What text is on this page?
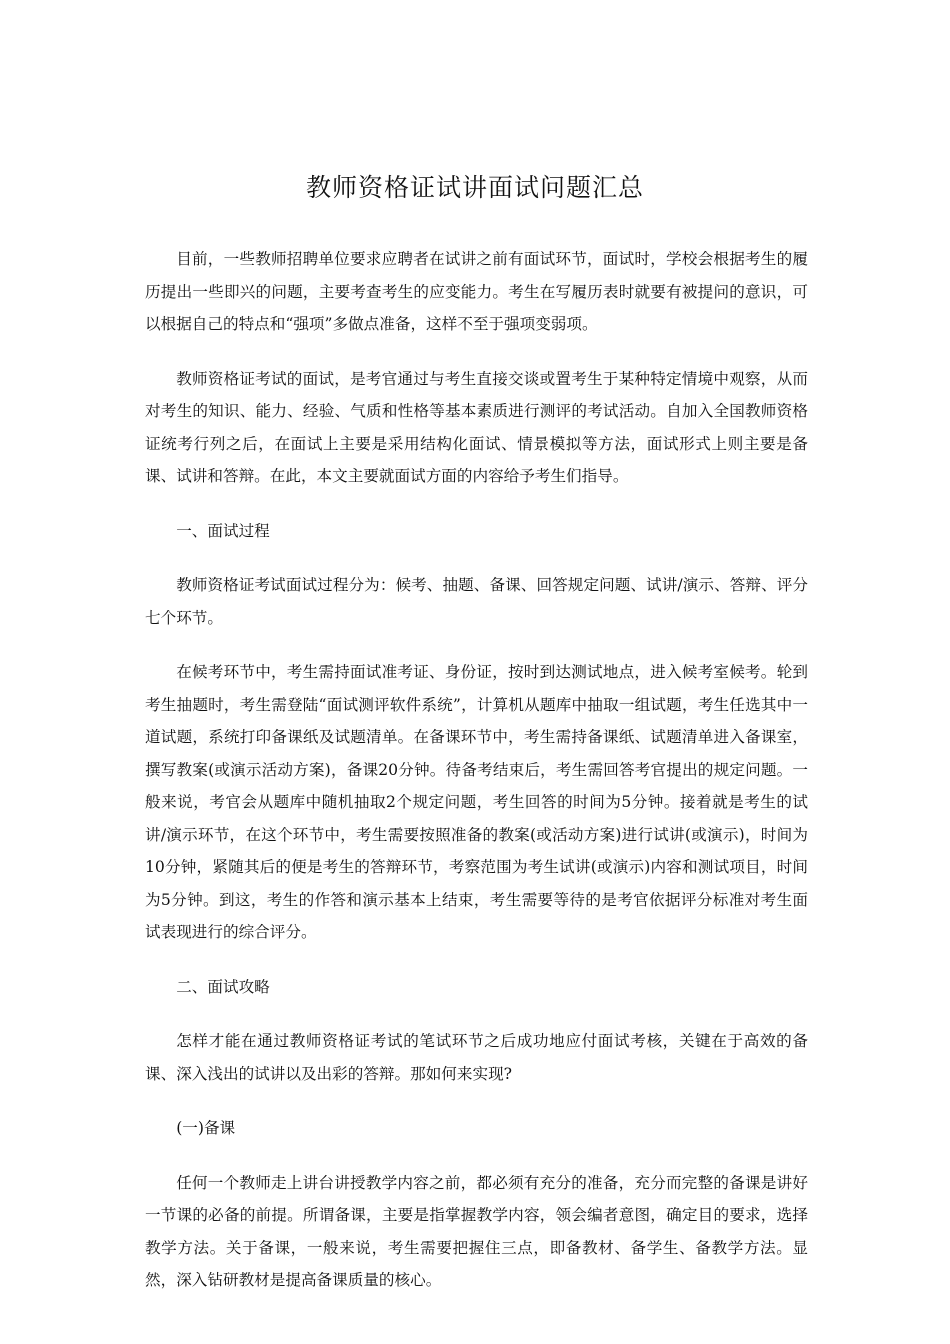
教师资格证试讲面试问题汇总

目前，一些教师招聘单位要求应聘者在试讲之前有面试环节，面试时，学校会根据考生的履历提出一些即兴的问题，主要考查考生的应变能力。考生在写履历表时就要有被提问的意识，可以根据自己的特点和“强项”多做点准备，这样不至于强项变弱项。

教师资格证考试的面试，是考官通过与考生直接交谈或置考生于某种特定情境中观察，从而对考生的知识、能力、经验、气质和性格等基本素质进行测评的考试活动。自加入全国教师资格证统考行列之后，在面试上主要是采用结构化面试、情景模拟等方法，面试形式上则主要是备课、试讲和答辩。在此，本文主要就面试方面的内容给予考生们指导。

一、面试过程

教师资格证考试面试过程分为：候考、抽题、备课、回答规定问题、试讲/演示、答辩、评分七个环节。

在候考环节中，考生需持面试准考证、身份证，按时到达测试地点，进入候考室候考。轮到考生抽题时，考生需登陆“面试测评软件系统”，计算机从题库中抽取一组试题，考生任选其中一道试题，系统打印备课纸及试题清单。在备课环节中，考生需持备课纸、试题清单进入备课室，撰写教案(或演示活动方案)，备课20分钟。待备考结束后，考生需回答考官提出的规定问题。一般来说，考官会从题库中随机抽取2个规定问题，考生回答的时间为5分钟。接着就是考生的试讲/演示环节，在这个环节中，考生需要按照准备的教案(或活动方案)进行试讲(或演示)，时间为10分钟，紧随其后的便是考生的答辩环节，考察范围为考生试讲(或演示)内容和测试项目，时间为5分钟。到这，考生的作答和演示基本上结束，考生需要等待的是考官依据评分标准对考生面试表现进行的综合评分。

二、面试攻略

怎样才能在通过教师资格证考试的笔试环节之后成功地应付面试考核，关键在于高效的备课、深入浅出的试讲以及出彩的答辩。那如何来实现?

(一)备课

任何一个教师走上讲台讲授教学内容之前，都必须有充分的准备，充分而完整的备课是讲好一节课的必备的前提。所谓备课，主要是指掌握教学内容，领会编者意图，确定目的要求，选择教学方法。关于备课，一般来说，考生需要把握住三点，即备教材、备学生、备教学方法。显然，深入钻研教材是提高备课质量的核心。
